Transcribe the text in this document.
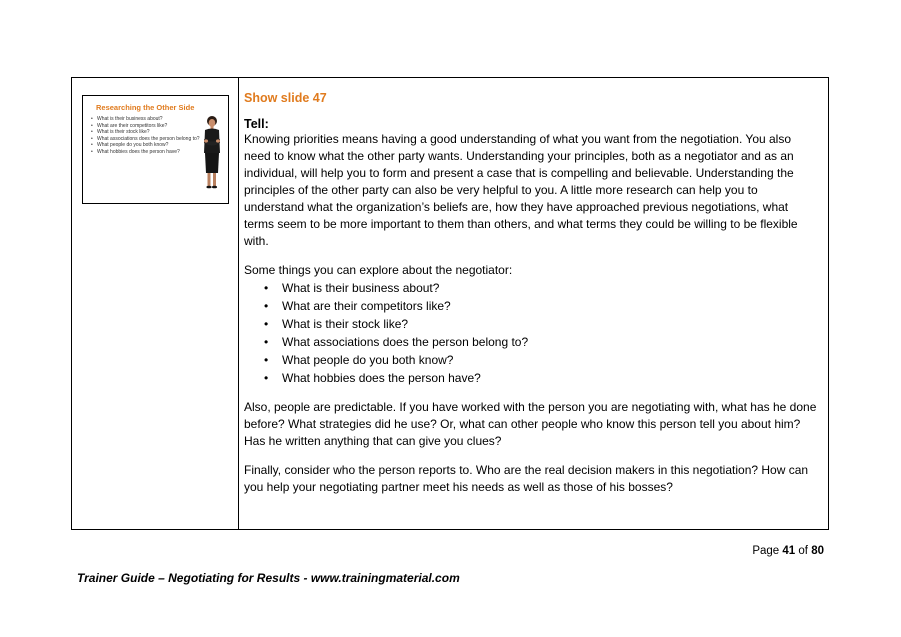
Researching the Other Side
• What is their business about?
• What are their competitors like?
• What is their stock like?
• What associations does the person belong to?
• What people do you both know?
• What hobbies does the person have?

Show slide 47

Tell:

Knowing priorities means having a good understanding of what you want from the negotiation. You also need to know what the other party wants. Understanding your principles, both as a negotiator and as an individual, will help you to form and present a case that is compelling and believable. Understanding the principles of the other party can also be very helpful to you. A little more research can help you to understand what the organization’s beliefs are, how they have approached previous negotiations, what terms seem to be more important to them than others, and what terms they could be willing to be flexible with.

Some things you can explore about the negotiator:

• What is their business about?
• What are their competitors like?
• What is their stock like?
• What associations does the person belong to?
• What people do you both know?
• What hobbies does the person have?

Also, people are predictable. If you have worked with the person you are negotiating with, what has he done before? What strategies did he use? Or, what can other people who know this person tell you about him? Has he written anything that can give you clues?

Finally, consider who the person reports to. Who are the real decision makers in this negotiation? How can you help your negotiating partner meet his needs as well as those of his bosses?

Page 41 of 80
Trainer Guide – Negotiating for Results - www.trainingmaterial.com
